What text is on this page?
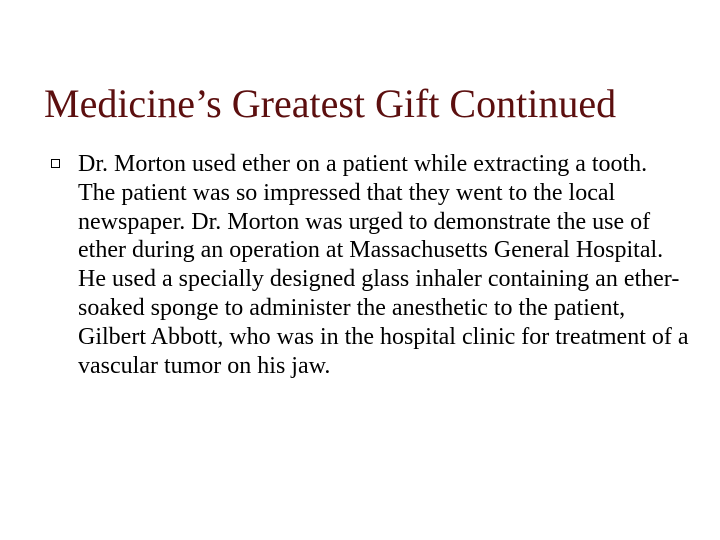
Medicine’s Greatest Gift Continued
Dr. Morton used ether on a patient while extracting a tooth. The patient was so impressed that they went to the local newspaper. Dr. Morton was urged to demonstrate the use of ether during an operation at Massachusetts General Hospital. He used a specially designed glass inhaler containing an ether-soaked sponge to administer the anesthetic to the patient, Gilbert Abbott, who was in the hospital clinic for treatment of a vascular tumor on his jaw.
